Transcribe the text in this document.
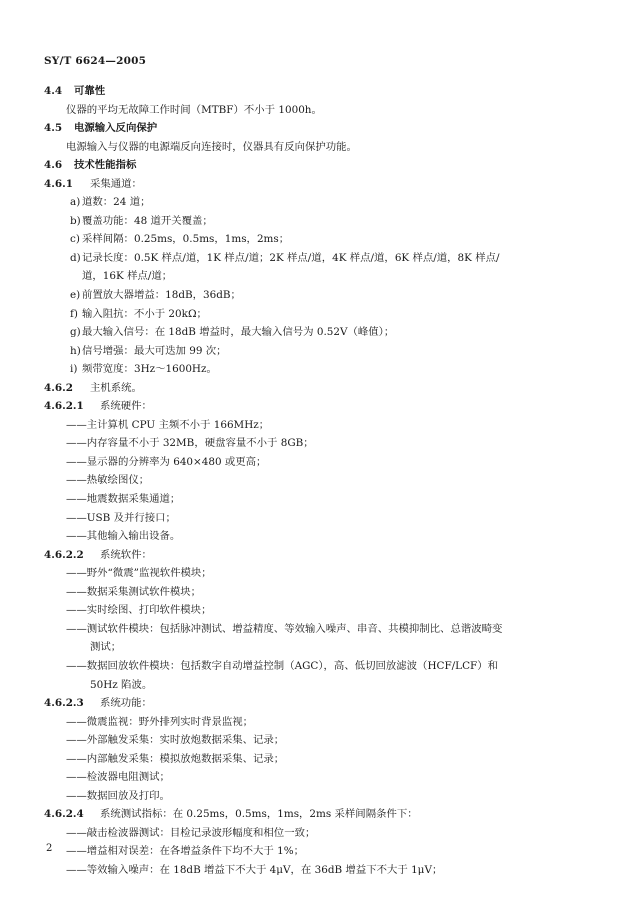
SY/T 6624—2005
4.4 可靠性
仪器的平均无故障工作时间（MTBF）不小于 1000h。
4.5 电源输入反向保护
电源输入与仪器的电源端反向连接时，仪器具有反向保护功能。
4.6 技术性能指标
4.6.1 采集通道：
a) 道数：24 道；
b) 覆盖功能：48 道开关覆盖；
c) 采样间隔：0.25ms，0.5ms，1ms，2ms；
d) 记录长度：0.5K 样点/道，1K 样点/道；2K 样点/道，4K 样点/道，6K 样点/道，8K 样点/
道，16K 样点/道；
e) 前置放大器增益：18dB，36dB；
f) 输入阻抗：不小于 20kΩ；
g) 最大输入信号：在 18dB 增益时，最大输入信号为 0.52V（峰值）；
h) 信号增强：最大可迭加 99 次；
i) 频带宽度：3Hz～1600Hz。
4.6.2 主机系统。
4.6.2.1 系统硬件：
——主计算机 CPU 主频不小于 166MHz；
——内存容量不小于 32MB，硬盘容量不小于 8GB；
——显示器的分辨率为 640×480 或更高；
——热敏绘图仪；
——地震数据采集通道；
——USB 及并行接口；
——其他输入输出设备。
4.6.2.2 系统软件：
——野外“微震”监视软件模块；
——数据采集测试软件模块；
——实时绘图、打印软件模块；
——测试软件模块：包括脉冲测试、增益精度、等效输入噪声、串音、共模抑制比、总谐波畸变
测试；
——数据回放软件模块：包括数字自动增益控制（AGC），高、低切回放滤波（HCF/LCF）和
50Hz 陷波。
4.6.2.3 系统功能：
——微震监视：野外排列实时背景监视；
——外部触发采集：实时放炮数据采集、记录；
——内部触发采集：模拟放炮数据采集、记录；
——检波器电阻测试；
——数据回放及打印。
4.6.2.4 系统测试指标：在 0.25ms，0.5ms，1ms，2ms 采样间隔条件下：
——敲击检波器测试：目检记录波形幅度和相位一致；
——增益相对误差：在各增益条件下均不大于 1%；
——等效输入噪声：在 18dB 增益下不大于 4μV，在 36dB 增益下不大于 1μV；
2
